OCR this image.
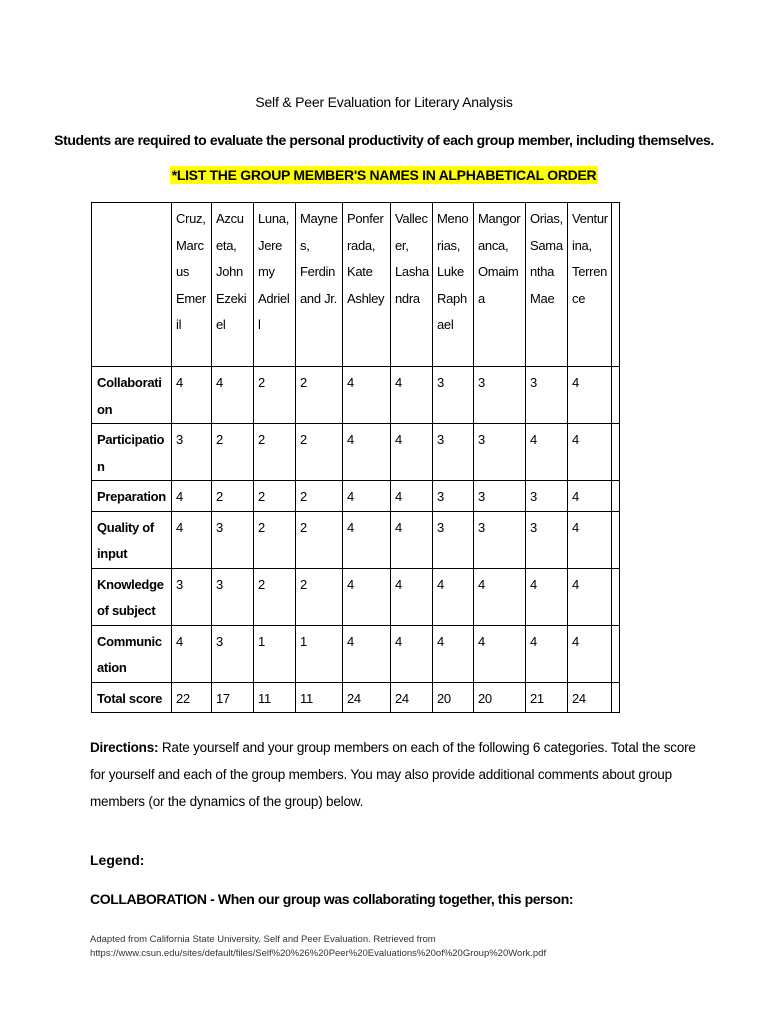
Self & Peer Evaluation for Literary Analysis
Students are required to evaluate the personal productivity of each group member, including themselves.
*LIST THE GROUP MEMBER'S NAMES IN ALPHABETICAL ORDER
	Cruz, Marcus Emeril	Azcueta, John Ezekiel	Luna, Jeremy Adriell	Maynes, Ferdin and Jr.	Ponferrada, Kate Ashley	Vallecer, Lashandra	Menorias, Luke Raphael	Mangoranca, Omaima	Orias, Samantha Mae	Venturina, Terrence	
Collaboration	4	4	2	2	4	4	3	3	3	4	
Participation	3	2	2	2	4	4	3	3	4	4	
Preparation	4	2	2	2	4	4	3	3	3	4	
Quality of input	4	3	2	2	4	4	3	3	3	4	
Knowledge of subject	3	3	2	2	4	4	4	4	4	4	
Communication	4	3	1	1	4	4	4	4	4	4	
Total score	22	17	11	11	24	24	20	20	21	24	
Directions: Rate yourself and your group members on each of the following 6 categories. Total the score for yourself and each of the group members. You may also provide additional comments about group members (or the dynamics of the group) below.
Legend:
COLLABORATION - When our group was collaborating together, this person:
Adapted from California State University. Self and Peer Evaluation. Retrieved from
https://www.csun.edu/sites/default/files/Self%20%26%20Peer%20Evaluations%20of%20Group%20Work.pdf
